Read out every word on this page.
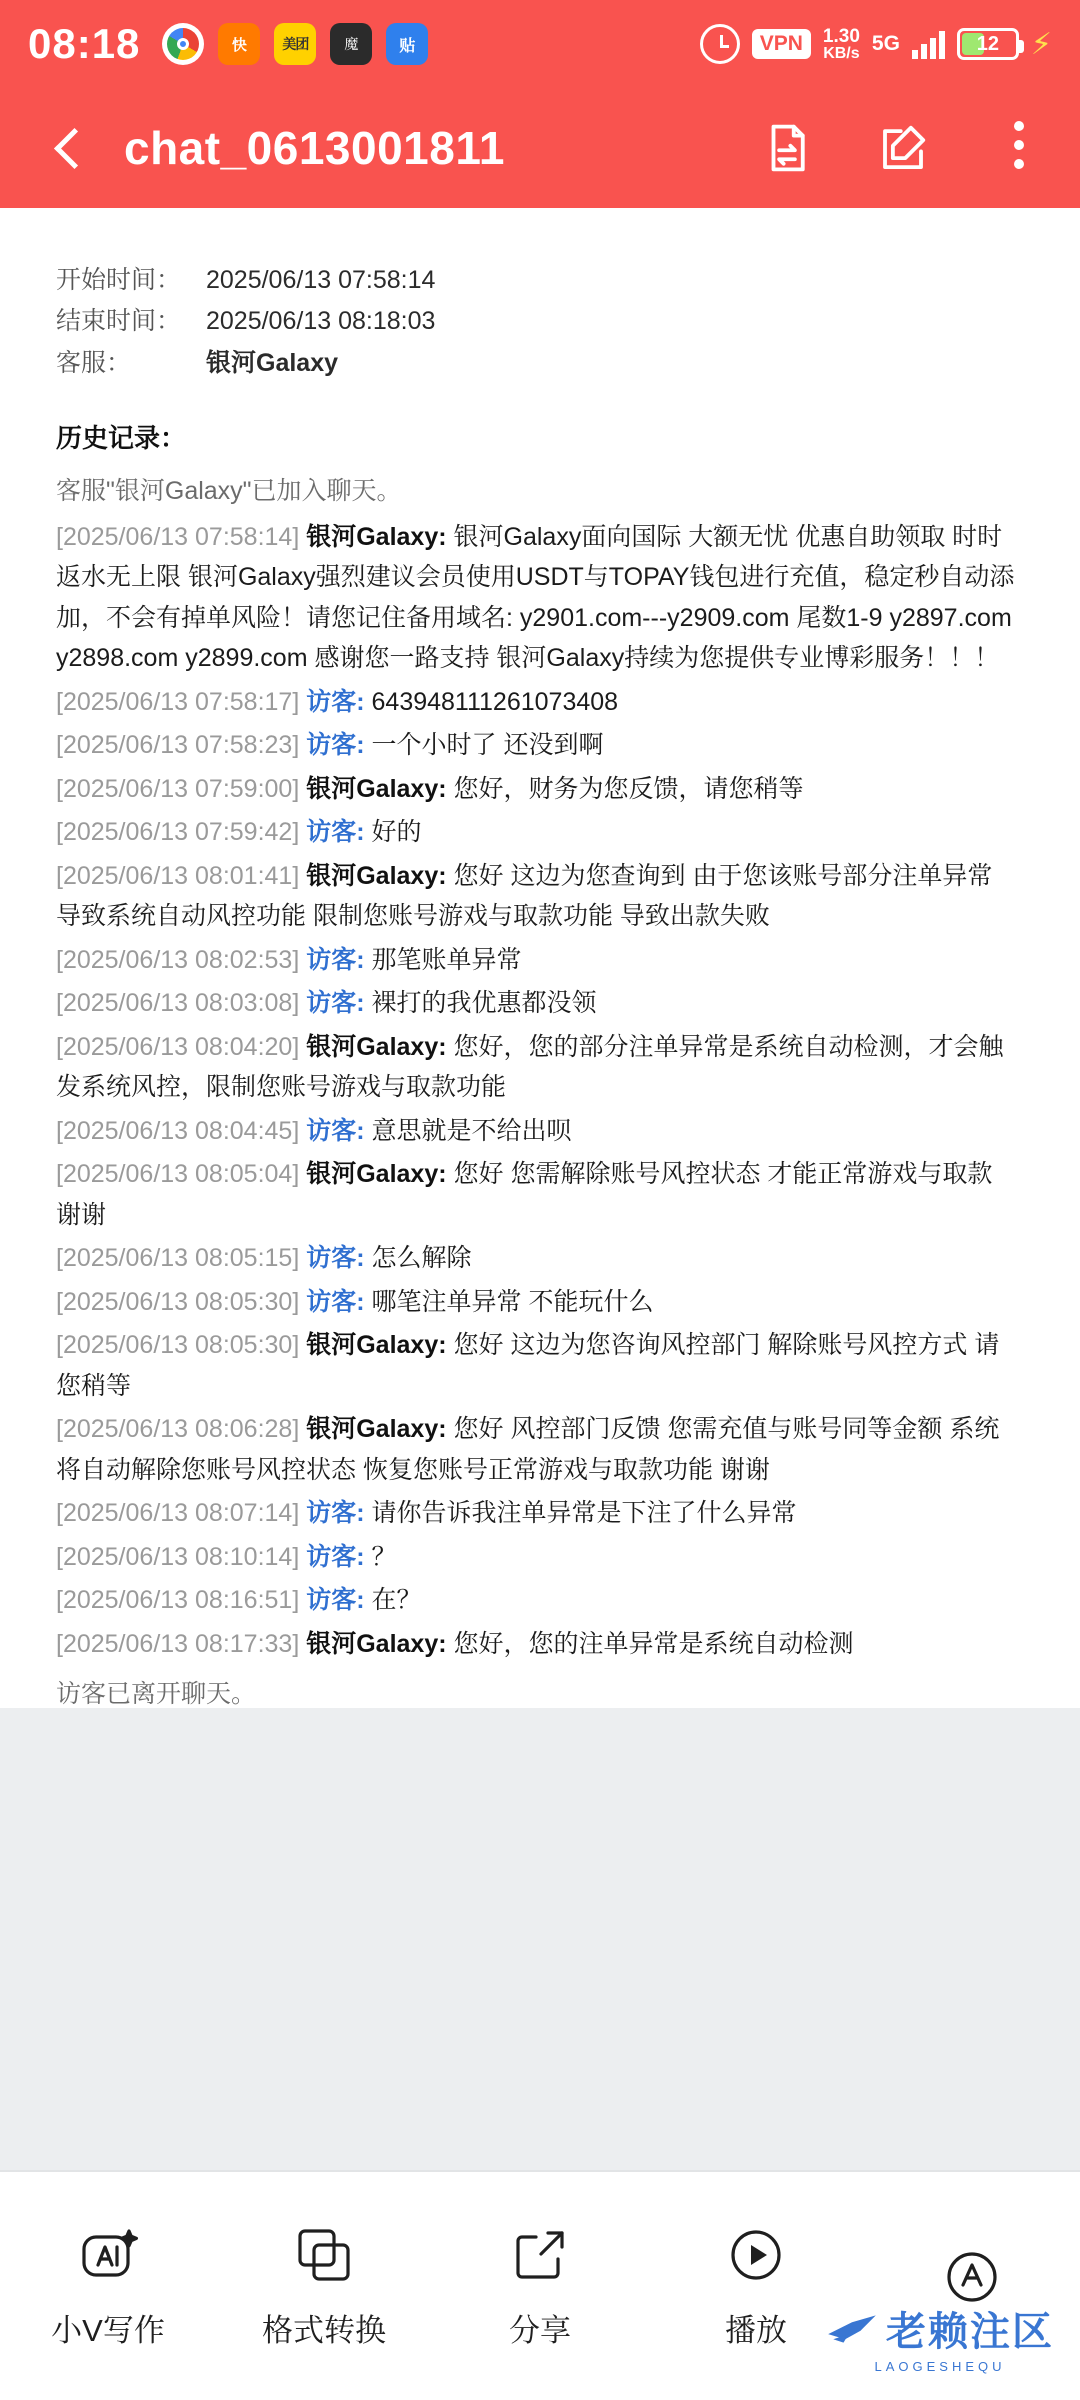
08:18	快	美团	魔	贴	VPN	1.30
KB/s 5G	12 ⚡
chat_0613001811
开始时间： 2025/06/13 07:58:14
结束时间： 2025/06/13 08:18:03
客服：	银河Galaxy
历史记录：
客服"银河Galaxy"已加入聊天。
[2025/06/13 07:58:14] 银河Galaxy: 银河Galaxy面向国际 大额无忧 优惠自助领取 时时返水无上限 银河Galaxy强烈建议会员使用USDT与TOPAY钱包进行充值，稳定秒自动添加，不会有掉单风险！请您记住备用域名: y2901.com---y2909.com 尾数1-9 y2897.com y2898.com y2899.com 感谢您一路支持 银河Galaxy持续为您提供专业博彩服务！！！
[2025/06/13 07:58:17] 访客: 643948111261073408
[2025/06/13 07:58:23] 访客: 一个小时了 还没到啊
[2025/06/13 07:59:00] 银河Galaxy: 您好，财务为您反馈，请您稍等
[2025/06/13 07:59:42] 访客: 好的
[2025/06/13 08:01:41] 银河Galaxy: 您好 这边为您查询到 由于您该账号部分注单异常 导致系统自动风控功能 限制您账号游戏与取款功能 导致出款失败
[2025/06/13 08:02:53] 访客: 那笔账单异常
[2025/06/13 08:03:08] 访客: 裸打的我优惠都没领
[2025/06/13 08:04:20] 银河Galaxy: 您好，您的部分注单异常是系统自动检测，才会触发系统风控，限制您账号游戏与取款功能
[2025/06/13 08:04:45] 访客: 意思就是不给出呗
[2025/06/13 08:05:04] 银河Galaxy: 您好 您需解除账号风控状态 才能正常游戏与取款 谢谢
[2025/06/13 08:05:15] 访客: 怎么解除
[2025/06/13 08:05:30] 访客: 哪笔注单异常 不能玩什么
[2025/06/13 08:05:30] 银河Galaxy: 您好 这边为您咨询风控部门 解除账号风控方式 请您稍等
[2025/06/13 08:06:28] 银河Galaxy: 您好 风控部门反馈 您需充值与账号同等金额 系统将自动解除您账号风控状态 恢复您账号正常游戏与取款功能 谢谢
[2025/06/13 08:07:14] 访客: 请你告诉我注单异常是下注了什么异常
[2025/06/13 08:10:14] 访客: ？
[2025/06/13 08:16:51] 访客: 在？
[2025/06/13 08:17:33] 银河Galaxy: 您好，您的注单异常是系统自动检测
访客已离开聊天。
小V写作	格式转换	分享	播放 老赖注区
LAOGESHEQU
